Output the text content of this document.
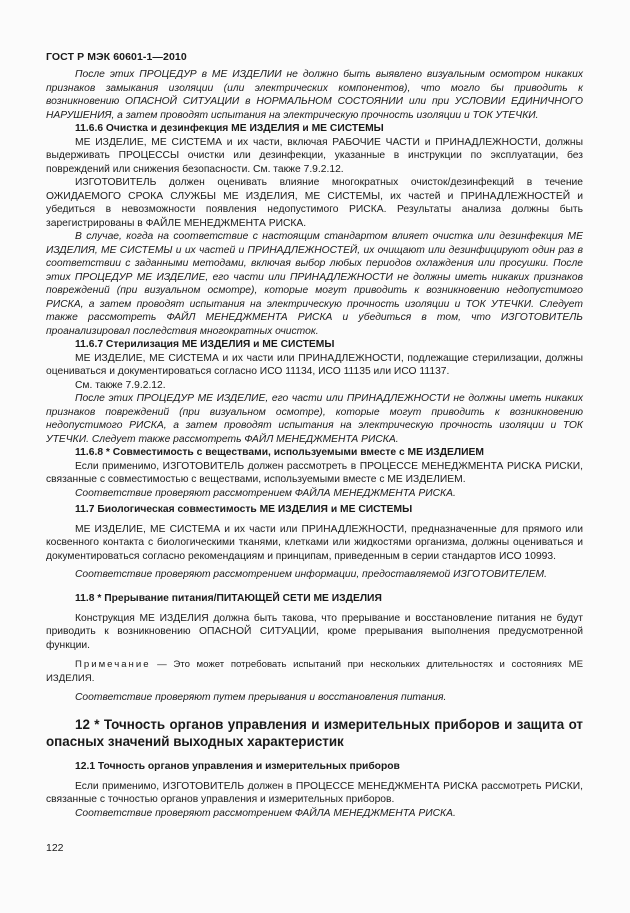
ГОСТ Р МЭК 60601-1—2010

После этих ПРОЦЕДУР в МЕ ИЗДЕЛИИ не должно быть выявлено визуальным осмотром никаких признаков замыкания изоляции (или электрических компонентов), что могло бы приводить к возникновению ОПАСНОЙ СИТУАЦИИ в НОРМАЛЬНОМ СОСТОЯНИИ или при УСЛОВИИ ЕДИНИЧНОГО НАРУШЕНИЯ, а затем проводят испытания на электрическую прочность изоляции и ТОК УТЕЧКИ.

11.6.6 Очистка и дезинфекция МЕ ИЗДЕЛИЯ и МЕ СИСТЕМЫ

МЕ ИЗДЕЛИЕ, МЕ СИСТЕМА и их части, включая РАБОЧИЕ ЧАСТИ и ПРИНАДЛЕЖНОСТИ, должны выдерживать ПРОЦЕССЫ очистки или дезинфекции, указанные в инструкции по эксплуатации, без повреждений или снижения безопасности. См. также 7.9.2.12.

ИЗГОТОВИТЕЛЬ должен оценивать влияние многократных очисток/дезинфекций в течение ОЖИДАЕМОГО СРОКА СЛУЖБЫ МЕ ИЗДЕЛИЯ, МЕ СИСТЕМЫ, их частей и ПРИНАДЛЕЖНОСТЕЙ и убедиться в невозможности появления недопустимого РИСКА. Результаты анализа должны быть зарегистрированы в ФАЙЛЕ МЕНЕДЖМЕНТА РИСКА.

В случае, когда на соответствие с настоящим стандартом влияет очистка или дезинфекция МЕ ИЗДЕЛИЯ, МЕ СИСТЕМЫ и их частей и ПРИНАДЛЕЖНОСТЕЙ, их очищают или дезинфицируют один раз в соответствии с заданными методами, включая выбор любых периодов охлаждения или просушки. После этих ПРОЦЕДУР МЕ ИЗДЕЛИЕ, его части или ПРИНАДЛЕЖНОСТИ не должны иметь никаких признаков повреждений (при визуальном осмотре), которые могут приводить к возникновению недопустимого РИСКА, а затем проводят испытания на электрическую прочность изоляции и ТОК УТЕЧКИ. Следует также рассмотреть ФАЙЛ МЕНЕДЖМЕНТА РИСКА и убедиться в том, что ИЗГОТОВИТЕЛЬ проанализировал последствия многократных очисток.

11.6.7 Стерилизация МЕ ИЗДЕЛИЯ и МЕ СИСТЕМЫ

МЕ ИЗДЕЛИЕ, МЕ СИСТЕМА и их части или ПРИНАДЛЕЖНОСТИ, подлежащие стерилизации, должны оцениваться и документироваться согласно ИСО 11134, ИСО 11135 или ИСО 11137.

См. также 7.9.2.12.

После этих ПРОЦЕДУР МЕ ИЗДЕЛИЕ, его части или ПРИНАДЛЕЖНОСТИ не должны иметь никаких признаков повреждений (при визуальном осмотре), которые могут приводить к возникновению недопустимого РИСКА, а затем проводят испытания на электрическую прочность изоляции и ТОК УТЕЧКИ. Следует также рассмотреть ФАЙЛ МЕНЕДЖМЕНТА РИСКА.

11.6.8 * Совместимость с веществами, используемыми вместе с МЕ ИЗДЕЛИЕМ

Если применимо, ИЗГОТОВИТЕЛЬ должен рассмотреть в ПРОЦЕССЕ МЕНЕДЖМЕНТА РИСКА РИСКИ, связанные с совместимостью с веществами, используемыми вместе с МЕ ИЗДЕЛИЕМ.

Соответствие проверяют рассмотрением ФАЙЛА МЕНЕДЖМЕНТА РИСКА.

11.7 Биологическая совместимость МЕ ИЗДЕЛИЯ и МЕ СИСТЕМЫ

МЕ ИЗДЕЛИЕ, МЕ СИСТЕМА и их части или ПРИНАДЛЕЖНОСТИ, предназначенные для прямого или косвенного контакта с биологическими тканями, клетками или жидкостями организма, должны оцениваться и документироваться согласно рекомендациям и принципам, приведенным в серии стандартов ИСО 10993.

Соответствие проверяют рассмотрением информации, предоставляемой ИЗГОТОВИТЕЛЕМ.

11.8 * Прерывание питания/ПИТАЮЩЕЙ СЕТИ МЕ ИЗДЕЛИЯ

Конструкция МЕ ИЗДЕЛИЯ должна быть такова, что прерывание и восстановление питания не будут приводить к возникновению ОПАСНОЙ СИТУАЦИИ, кроме прерывания выполнения предусмотренной функции.

Примечание — Это может потребовать испытаний при нескольких длительностях и состояниях МЕ ИЗДЕЛИЯ.

Соответствие проверяют путем прерывания и восстановления питания.

12 * Точность органов управления и измерительных приборов и защита от опасных значений выходных характеристик

12.1 Точность органов управления и измерительных приборов

Если применимо, ИЗГОТОВИТЕЛЬ должен в ПРОЦЕССЕ МЕНЕДЖМЕНТА РИСКА рассмотреть РИСКИ, связанные с точностью органов управления и измерительных приборов.

Соответствие проверяют рассмотрением ФАЙЛА МЕНЕДЖМЕНТА РИСКА.

122
